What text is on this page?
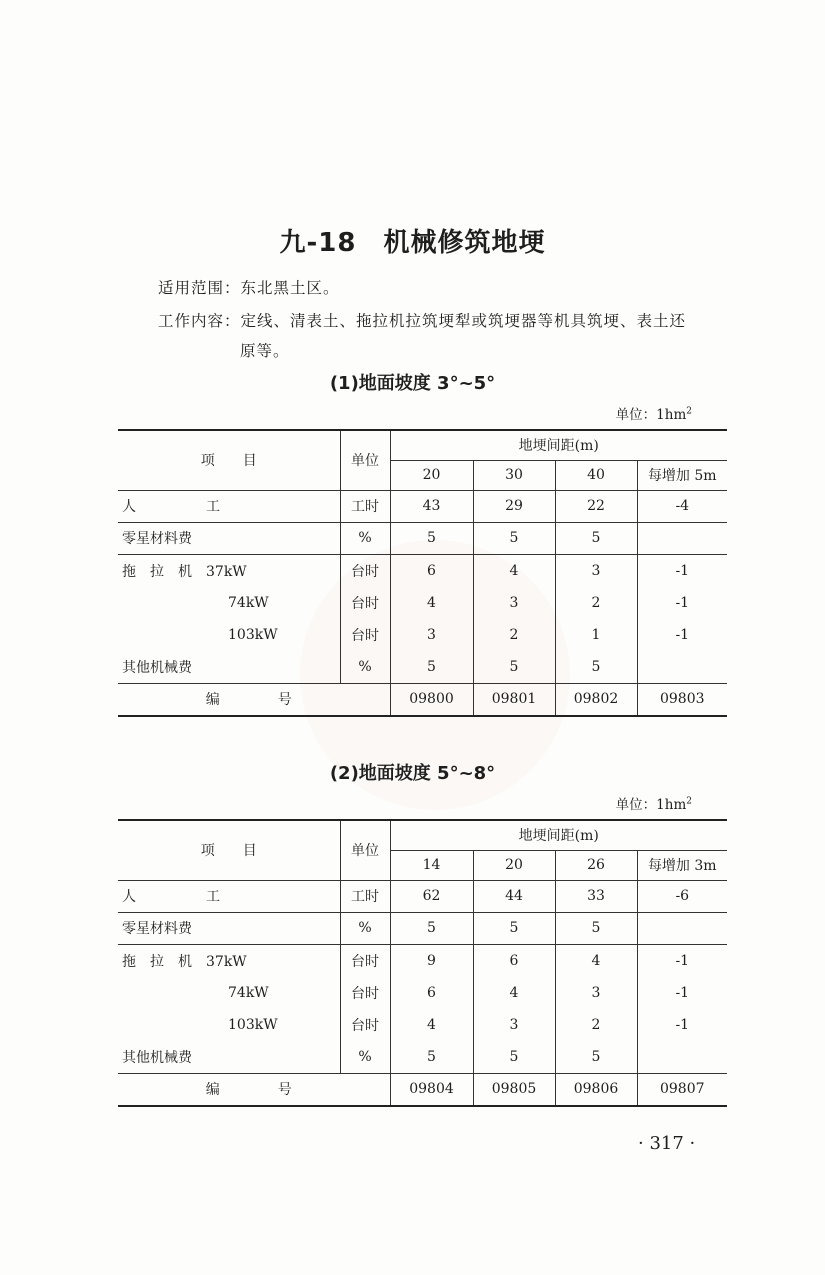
九-18　机械修筑地埂
适用范围：东北黑土区。
工作内容：定线、清表土、拖拉机拉筑埂犁或筑埂器等机具筑埂、表土还
原等。
(1)地面坡度 3°~5°
单位：$1hm^2$
项　　目	单位	地埂间距(m)			
		20	30	40	每增加 5m
人工	工时	43	29	22	-4
零星材料费	%	5	5	5	
拖　拉　机　37kW	台时	6	4	3	-1
74kW	台时	4	3	2	-1
103kW	台时	3	2	1	-1
其他机械费	%	5	5	5	
编　　号		09800	09801	09802	09803
(2)地面坡度 5°~8°
单位：$1hm^2$
项　　目	单位	地埂间距(m)			
		14	20	26	每增加 3m
人工	工时	62	44	33	-6
零星材料费	%	5	5	5	
拖　拉　机　37kW	台时	9	6	4	-1
74kW	台时	6	4	3	-1
103kW	台时	4	3	2	-1
其他机械费	%	5	5	5	
编　　号		09804	09805	09806	09807
· 317 ·
